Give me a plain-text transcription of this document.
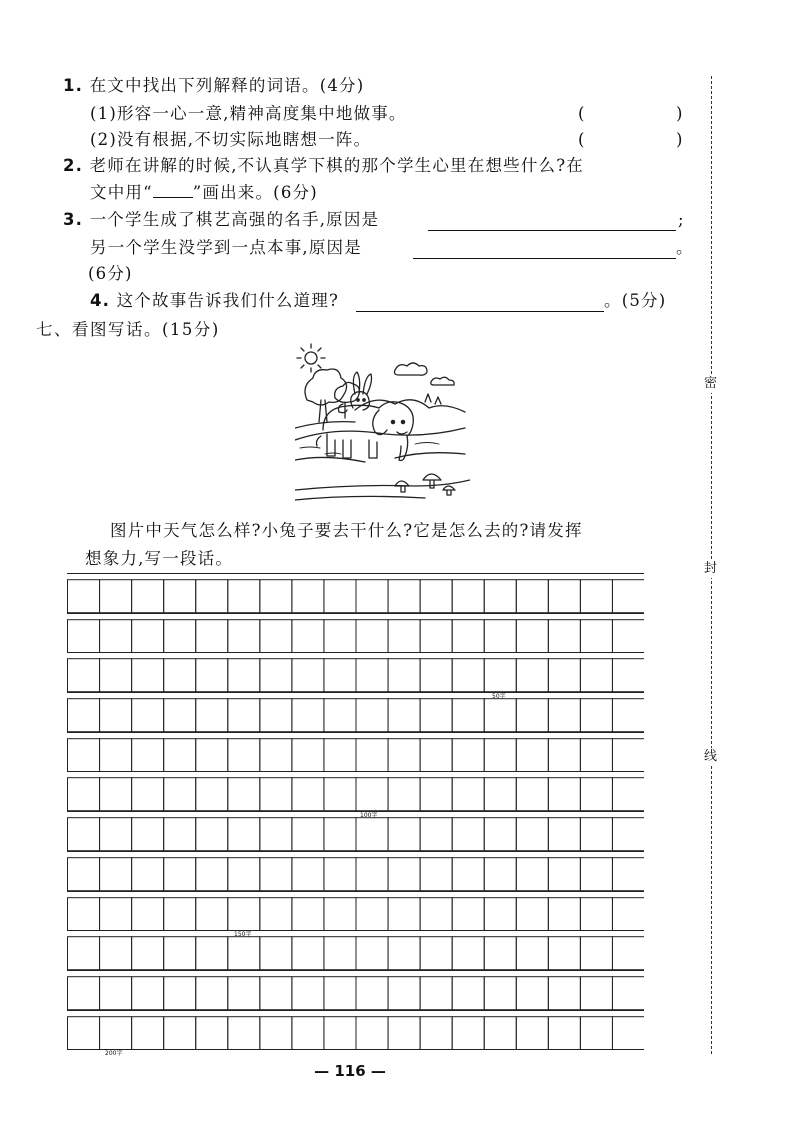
密
封
线
1. 在文中找出下列解释的词语。(4分)
(1)形容一心一意,精神高度集中地做事。	(	)
(2)没有根据,不切实际地瞎想一阵。	(	)
2. 老师在讲解的时候,不认真学下棋的那个学生心里在想些什么?在
文中用“ ”画出来。(6分)
3. 一个学生成了棋艺高强的名手,原因是	;
另一个学生没学到一点本事,原因是	。
(6分)
4. 这个故事告诉我们什么道理?	。(5分)
七、看图写话。(15分)
图片中天气怎么样?小兔子要去干什么?它是怎么去的?请发挥
想象力,写一段话。
50字
100字
150字
200字
— 116 —
